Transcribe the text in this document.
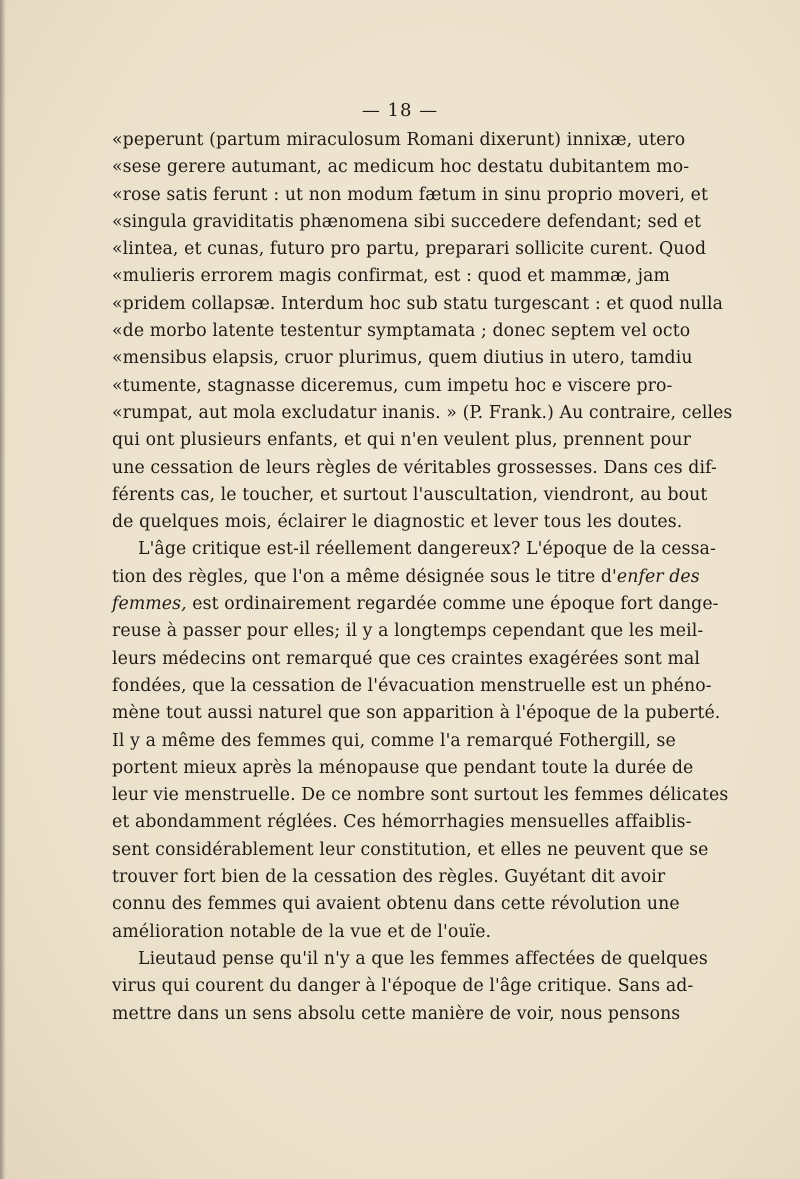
— 18 —
«peperunt (partum miraculosum Romani dixerunt) innixæ, utero
«sese gerere autumant, ac medicum hoc destatu dubitantem mo-
«rose satis ferunt : ut non modum fætum in sinu proprio moveri, et
«singula graviditatis phænomena sibi succedere defendant; sed et
«lintea, et cunas, futuro pro partu, preparari sollicite curent. Quod
«mulieris errorem magis confirmat, est : quod et mammæ, jam
«pridem collapsæ. Interdum hoc sub statu turgescant : et quod nulla
«de morbo latente testentur symptamata ; donec septem vel octo
«mensibus elapsis, cruor plurimus, quem diutius in utero, tamdiu
«tumente, stagnasse diceremus, cum impetu hoc e viscere pro-
«rumpat, aut mola excludatur inanis. » (P. Frank.) Au contraire, celles
qui ont plusieurs enfants, et qui n'en veulent plus, prennent pour
une cessation de leurs règles de véritables grossesses. Dans ces dif-
férents cas, le toucher, et surtout l'auscultation, viendront, au bout
de quelques mois, éclairer le diagnostic et lever tous les doutes.
L'âge critique est-il réellement dangereux? L'époque de la cessa-
tion des règles, que l'on a même désignée sous le titre d'enfer des
femmes, est ordinairement regardée comme une époque fort dange-
reuse à passer pour elles; il y a longtemps cependant que les meil-
leurs médecins ont remarqué que ces craintes exagérées sont mal
fondées, que la cessation de l'évacuation menstruelle est un phéno-
mène tout aussi naturel que son apparition à l'époque de la puberté.
Il y a même des femmes qui, comme l'a remarqué Fothergill, se
portent mieux après la ménopause que pendant toute la durée de
leur vie menstruelle. De ce nombre sont surtout les femmes délicates
et abondamment réglées. Ces hémorrhagies mensuelles affaiblis-
sent considérablement leur constitution, et elles ne peuvent que se
trouver fort bien de la cessation des règles. Guyétant dit avoir
connu des femmes qui avaient obtenu dans cette révolution une
amélioration notable de la vue et de l'ouïe.
Lieutaud pense qu'il n'y a que les femmes affectées de quelques
virus qui courent du danger à l'époque de l'âge critique. Sans ad-
mettre dans un sens absolu cette manière de voir, nous pensons
